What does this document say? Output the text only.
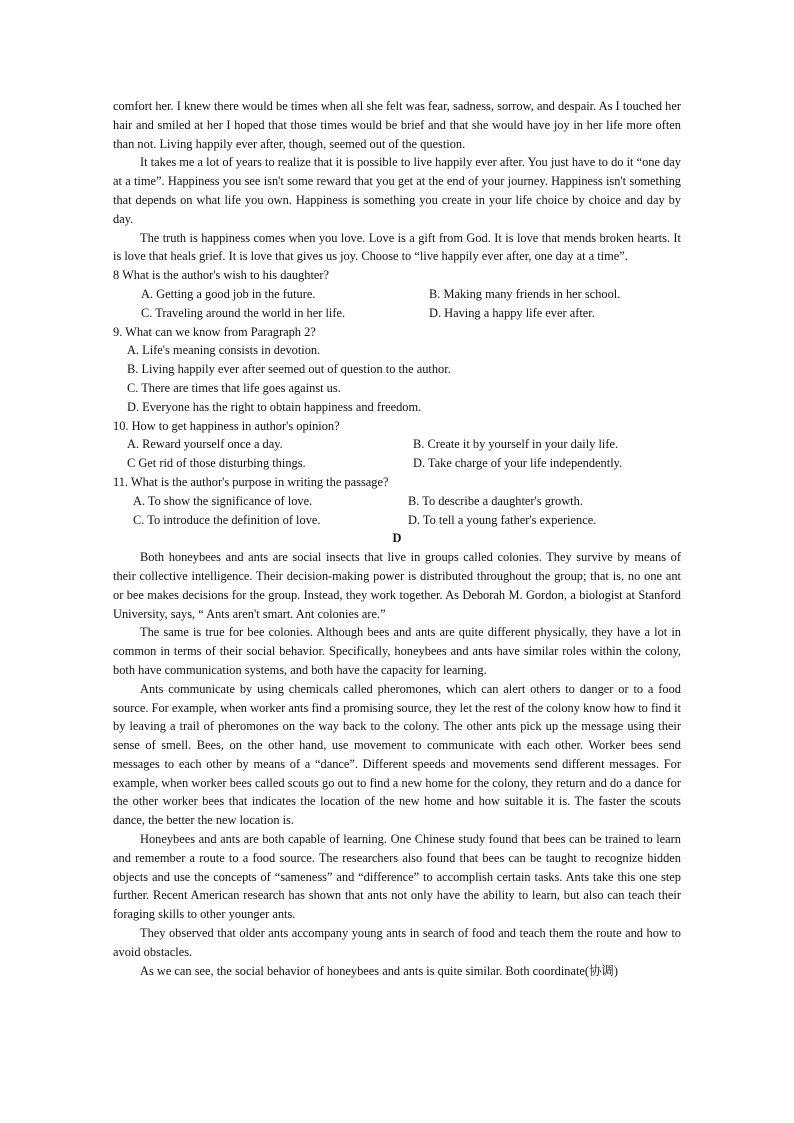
comfort her. I knew there would be times when all she felt was fear, sadness, sorrow, and despair. As I touched her hair and smiled at her I hoped that those times would be brief and that she would have joy in her life more often than not. Living happily ever after, though, seemed out of the question.

It takes me a lot of years to realize that it is possible to live happily ever after. You just have to do it “one day at a time”. Happiness you see isn't some reward that you get at the end of your journey. Happiness isn't something that depends on what life you own. Happiness is something you create in your life choice by choice and day by day.

The truth is happiness comes when you love. Love is a gift from God. It is love that mends broken hearts. It is love that heals grief. It is love that gives us joy. Choose to “live happily ever after, one day at a time”.

8 What is the author's wish to his daughter?

A. Getting a good job in the future.	B. Making many friends in her school.
C. Traveling around the world in her life.	D. Having a happy life ever after.

9. What can we know from Paragraph 2?

A. Life's meaning consists in devotion.

B. Living happily ever after seemed out of question to the author.

C. There are times that life goes against us.

D. Everyone has the right to obtain happiness and freedom.

10. How to get happiness in author's opinion?

A. Reward yourself once a day.	B. Create it by yourself in your daily life.
C Get rid of those disturbing things.	D. Take charge of your life independently.

11. What is the author's purpose in writing the passage?

A. To show the significance of love.	B. To describe a daughter's growth.
C. To introduce the definition of love.	D. To tell a young father's experience.

D

Both honeybees and ants are social insects that live in groups called colonies. They survive by means of their collective intelligence. Their decision-making power is distributed throughout the group; that is, no one ant or bee makes decisions for the group. Instead, they work together. As Deborah M. Gordon, a biologist at Stanford University, says, “ Ants aren't smart. Ant colonies are.”

The same is true for bee colonies. Although bees and ants are quite different physically, they have a lot in common in terms of their social behavior. Specifically, honeybees and ants have similar roles within the colony, both have communication systems, and both have the capacity for learning.

Ants communicate by using chemicals called pheromones, which can alert others to danger or to a food source. For example, when worker ants find a promising source, they let the rest of the colony know how to find it by leaving a trail of pheromones on the way back to the colony. The other ants pick up the message using their sense of smell. Bees, on the other hand, use movement to communicate with each other. Worker bees send messages to each other by means of a “dance”. Different speeds and movements send different messages. For example, when worker bees called scouts go out to find a new home for the colony, they return and do a dance for the other worker bees that indicates the location of the new home and how suitable it is. The faster the scouts dance, the better the new location is.

Honeybees and ants are both capable of learning. One Chinese study found that bees can be trained to learn and remember a route to a food source. The researchers also found that bees can be taught to recognize hidden objects and use the concepts of “sameness” and “difference” to accomplish certain tasks. Ants take this one step further. Recent American research has shown that ants not only have the ability to learn, but also can teach their foraging skills to other younger ants.

They observed that older ants accompany young ants in search of food and teach them the route and how to avoid obstacles.

As we can see, the social behavior of honeybees and ants is quite similar. Both coordinate(协调)
